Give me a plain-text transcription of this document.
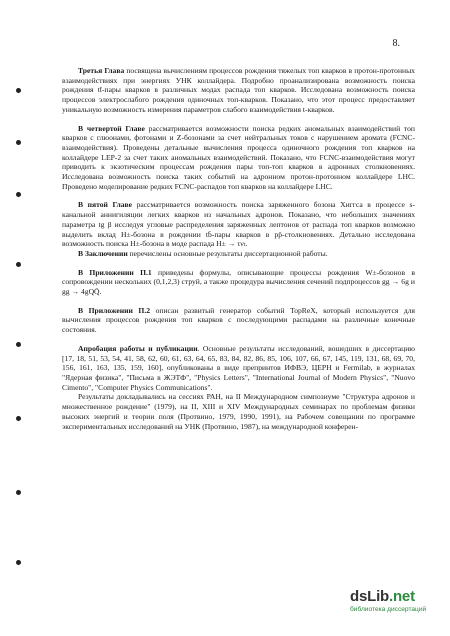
8.

Третья Глава посвящена вычислениям процессов рождения тяжелых топ кварков в протон-протонных взаимодействиях при энергиях УНК коллайдера. Подробно проанализирована возможность поиска рождения tt̄-пары кварков в различных модах распада топ кварков. Исследована возможность поиска процессов электрослабого рождения одиночных топ-кварков. Показано, что этот процесс предоставляет уникальную возможность измерения параметров слабого взаимодействия t-кварков.

В четвертой Главе рассматривается возможности поиска редких аномальных взаимодействий топ кварков с глюонами, фотонами и Z-бозонами за счет нейтральных токов с нарушением аромата (FCNC-взаимодействия). Проведены детальные вычисления процесса одиночного рождения топ кварков на коллайдере LEP-2 за счет таких аномальных взаимодействий. Показано, что FCNC-взаимодействия могут приводить к экзотическим процессам рождения пары топ-топ кварков в адронных столкновениях. Исследована возможность поиска таких событий на адронном протон-протонном коллайдере LHC. Проведено моделирование редких FCNC-распадов топ кварков на коллайдере LHC.

В пятой Главе рассматривается возможность поиска заряженного бозона Хиггса в процессе s-канальной аннигиляции легких кварков из начальных адронов. Показано, что небольших значениях параметра tg β исследуя угловые распределения заряженных лептонов от распада топ кварков возможно выделить вклад H±-бозона в рождении tb̄-пары кварков в pp̄-столкновениях. Детально исследована возможность поиска H±-бозона в моде распада H± → τνₜ.

В Заключении перечислены основные результаты диссертационной работы.

В Приложении П.1 приведены формулы, описывающие процессы рождения W±-бозонов в сопровождении нескольких (0,1,2,3) струй, а также процедура вычисления сечений подпроцессов gg → 6g и gg → 4gQQ̄.

В Приложении П.2 описан развитый генератор событий TopReX, который используется для вычисления процессов рождения топ кварков с последующими распадами на различные конечные состояния.

Апробация работы и публикации. Основные результаты исследований, вошедших в диссертацию [17, 18, 51, 53, 54, 41, 58, 62, 60, 61, 63, 64, 65, 83, 84, 82, 86, 85, 106, 107, 66, 67, 145, 119, 131, 68, 69, 70, 156, 161, 163, 135, 159, 160], опубликованы в виде препринтов ИФВЭ, ЦЕРН и Fermilab, в журналах "Ядерная физика", "Письма в ЖЭТФ", "Physics Letters", "International Journal of Modern Physics", "Nuovo Cimento", "Computer Physics Communications".

Результаты докладывались на сессиях РАН, на II Международном симпозиуме "Структура адронов и множественное рождение" (1979), на II, XIII и XIV Международных семинарах по проблемам физики высоких энергий и теории поля (Протвино, 1979, 1990, 1991), на Рабочем совещании по программе экспериментальных исследований на УНК (Протвино, 1987), на международной конферен-

dsLib.net
библиотека диссертаций
